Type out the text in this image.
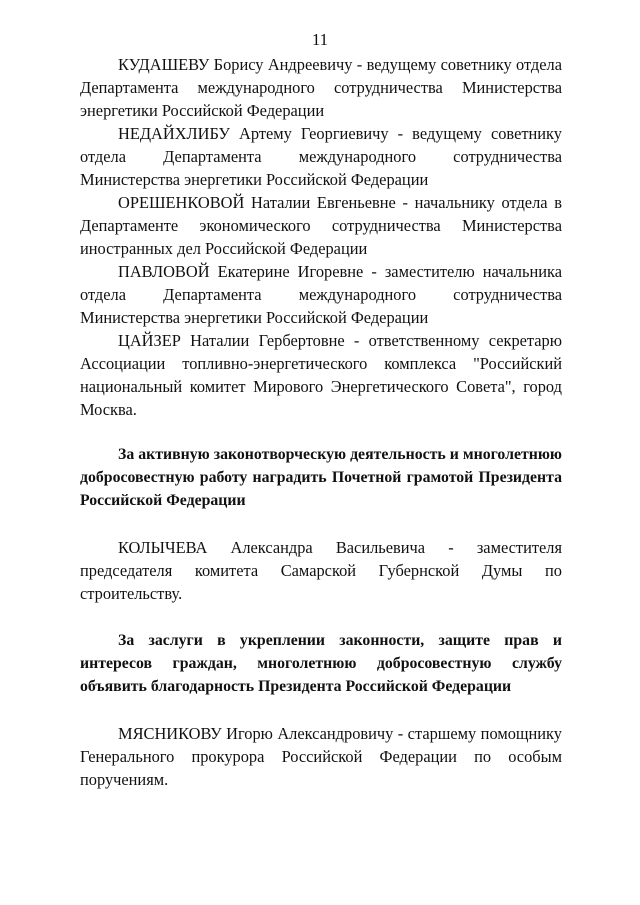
11

КУДАШЕВУ Борису Андреевичу - ведущему советнику отдела Департамента международного сотрудничества Министерства энергетики Российской Федерации

НЕДАЙХЛИБУ Артему Георгиевичу - ведущему советнику отдела Департамента международного сотрудничества Министерства энергетики Российской Федерации

ОРЕШЕНКОВОЙ Наталии Евгеньевне - начальнику отдела в Департаменте экономического сотрудничества Министерства иностранных дел Российской Федерации

ПАВЛОВОЙ Екатерине Игоревне - заместителю начальника отдела Департамента международного сотрудничества Министерства энергетики Российской Федерации

ЦАЙЗЕР Наталии Гербертовне - ответственному секретарю Ассоциации топливно-энергетического комплекса "Российский национальный комитет Мирового Энергетического Совета", город Москва.

За активную законотворческую деятельность и многолетнюю добросовестную работу наградить Почетной грамотой Президента Российской Федерации

КОЛЫЧЕВА Александра Васильевича - заместителя председателя комитета Самарской Губернской Думы по строительству.

За заслуги в укреплении законности, защите прав и интересов граждан, многолетнюю добросовестную службу объявить благодарность Президента Российской Федерации

МЯСНИКОВУ Игорю Александровичу - старшему помощнику Генерального прокурора Российской Федерации по особым поручениям.
